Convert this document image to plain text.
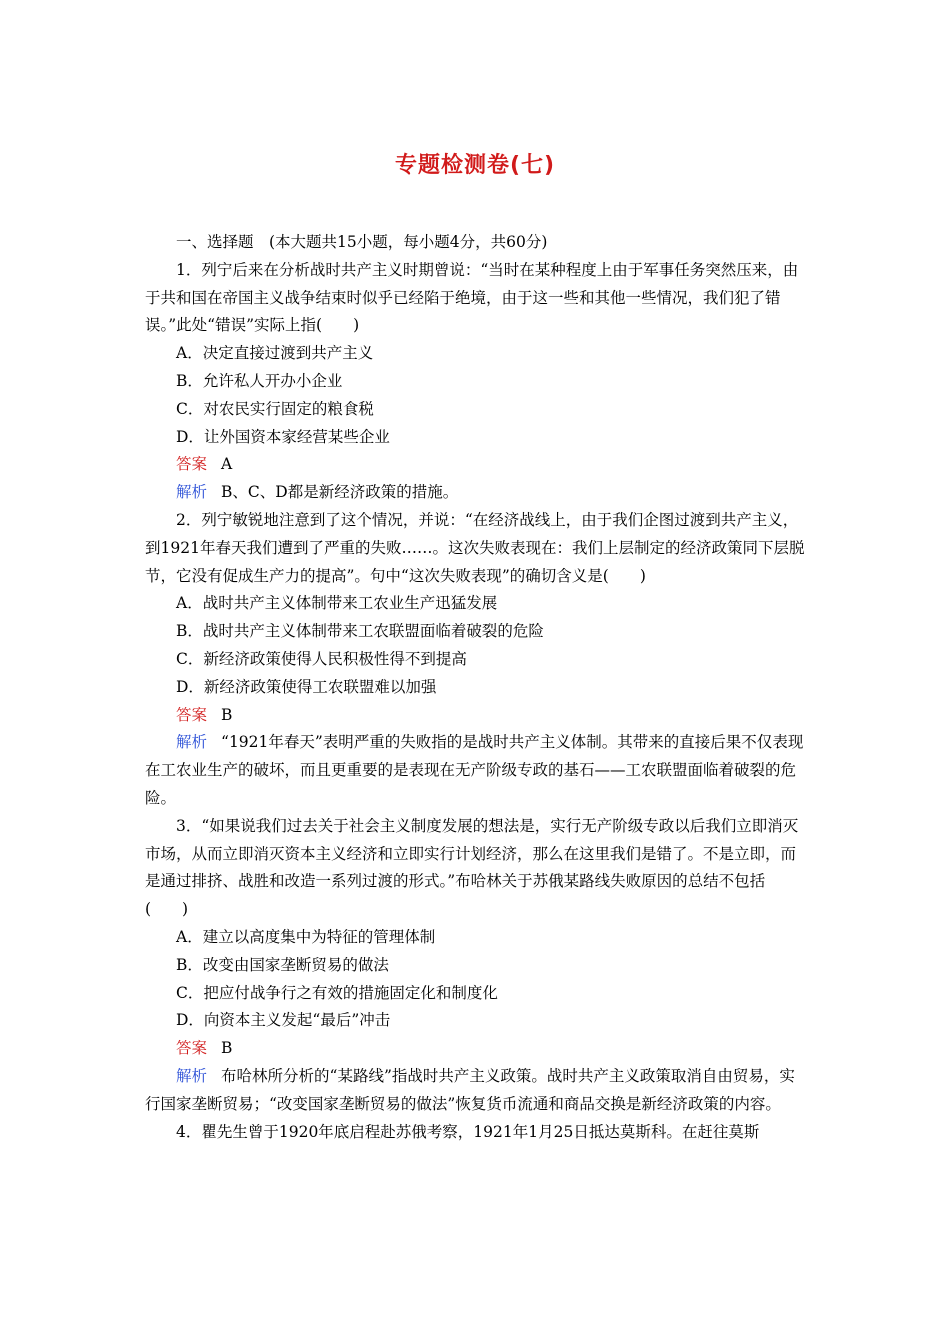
专题检测卷(七)

一、选择题　(本大题共15小题，每小题4分，共60分)

1．列宁后来在分析战时共产主义时期曾说：“当时在某种程度上由于军事任务突然压来，由于共和国在帝国主义战争结束时似乎已经陷于绝境，由于这一些和其他一些情况，我们犯了错误。”此处“错误”实际上指(　　)

A．决定直接过渡到共产主义

B．允许私人开办小企业

C．对农民实行固定的粮食税

D．让外国资本家经营某些企业

答案 A

解析 B、C、D都是新经济政策的措施。

2．列宁敏锐地注意到了这个情况，并说：“在经济战线上，由于我们企图过渡到共产主义，到1921年春天我们遭到了严重的失败……。这次失败表现在：我们上层制定的经济政策同下层脱节，它没有促成生产力的提高”。句中“这次失败表现”的确切含义是(　　)

A．战时共产主义体制带来工农业生产迅猛发展

B．战时共产主义体制带来工农联盟面临着破裂的危险

C．新经济政策使得人民积极性得不到提高

D．新经济政策使得工农联盟难以加强

答案 B

解析 “1921年春天”表明严重的失败指的是战时共产主义体制。其带来的直接后果不仅表现在工农业生产的破坏，而且更重要的是表现在无产阶级专政的基石——工农联盟面临着破裂的危险。

3．“如果说我们过去关于社会主义制度发展的想法是，实行无产阶级专政以后我们立即消灭市场，从而立即消灭资本主义经济和立即实行计划经济，那么在这里我们是错了。不是立即，而是通过排挤、战胜和改造一系列过渡的形式。”布哈林关于苏俄某路线失败原因的总结不包括(　　)

A．建立以高度集中为特征的管理体制

B．改变由国家垄断贸易的做法

C．把应付战争行之有效的措施固定化和制度化

D．向资本主义发起“最后”冲击

答案 B

解析 布哈林所分析的“某路线”指战时共产主义政策。战时共产主义政策取消自由贸易，实行国家垄断贸易；“改变国家垄断贸易的做法”恢复货币流通和商品交换是新经济政策的内容。

4．瞿先生曾于1920年底启程赴苏俄考察，1921年1月25日抵达莫斯科。在赶往莫斯
